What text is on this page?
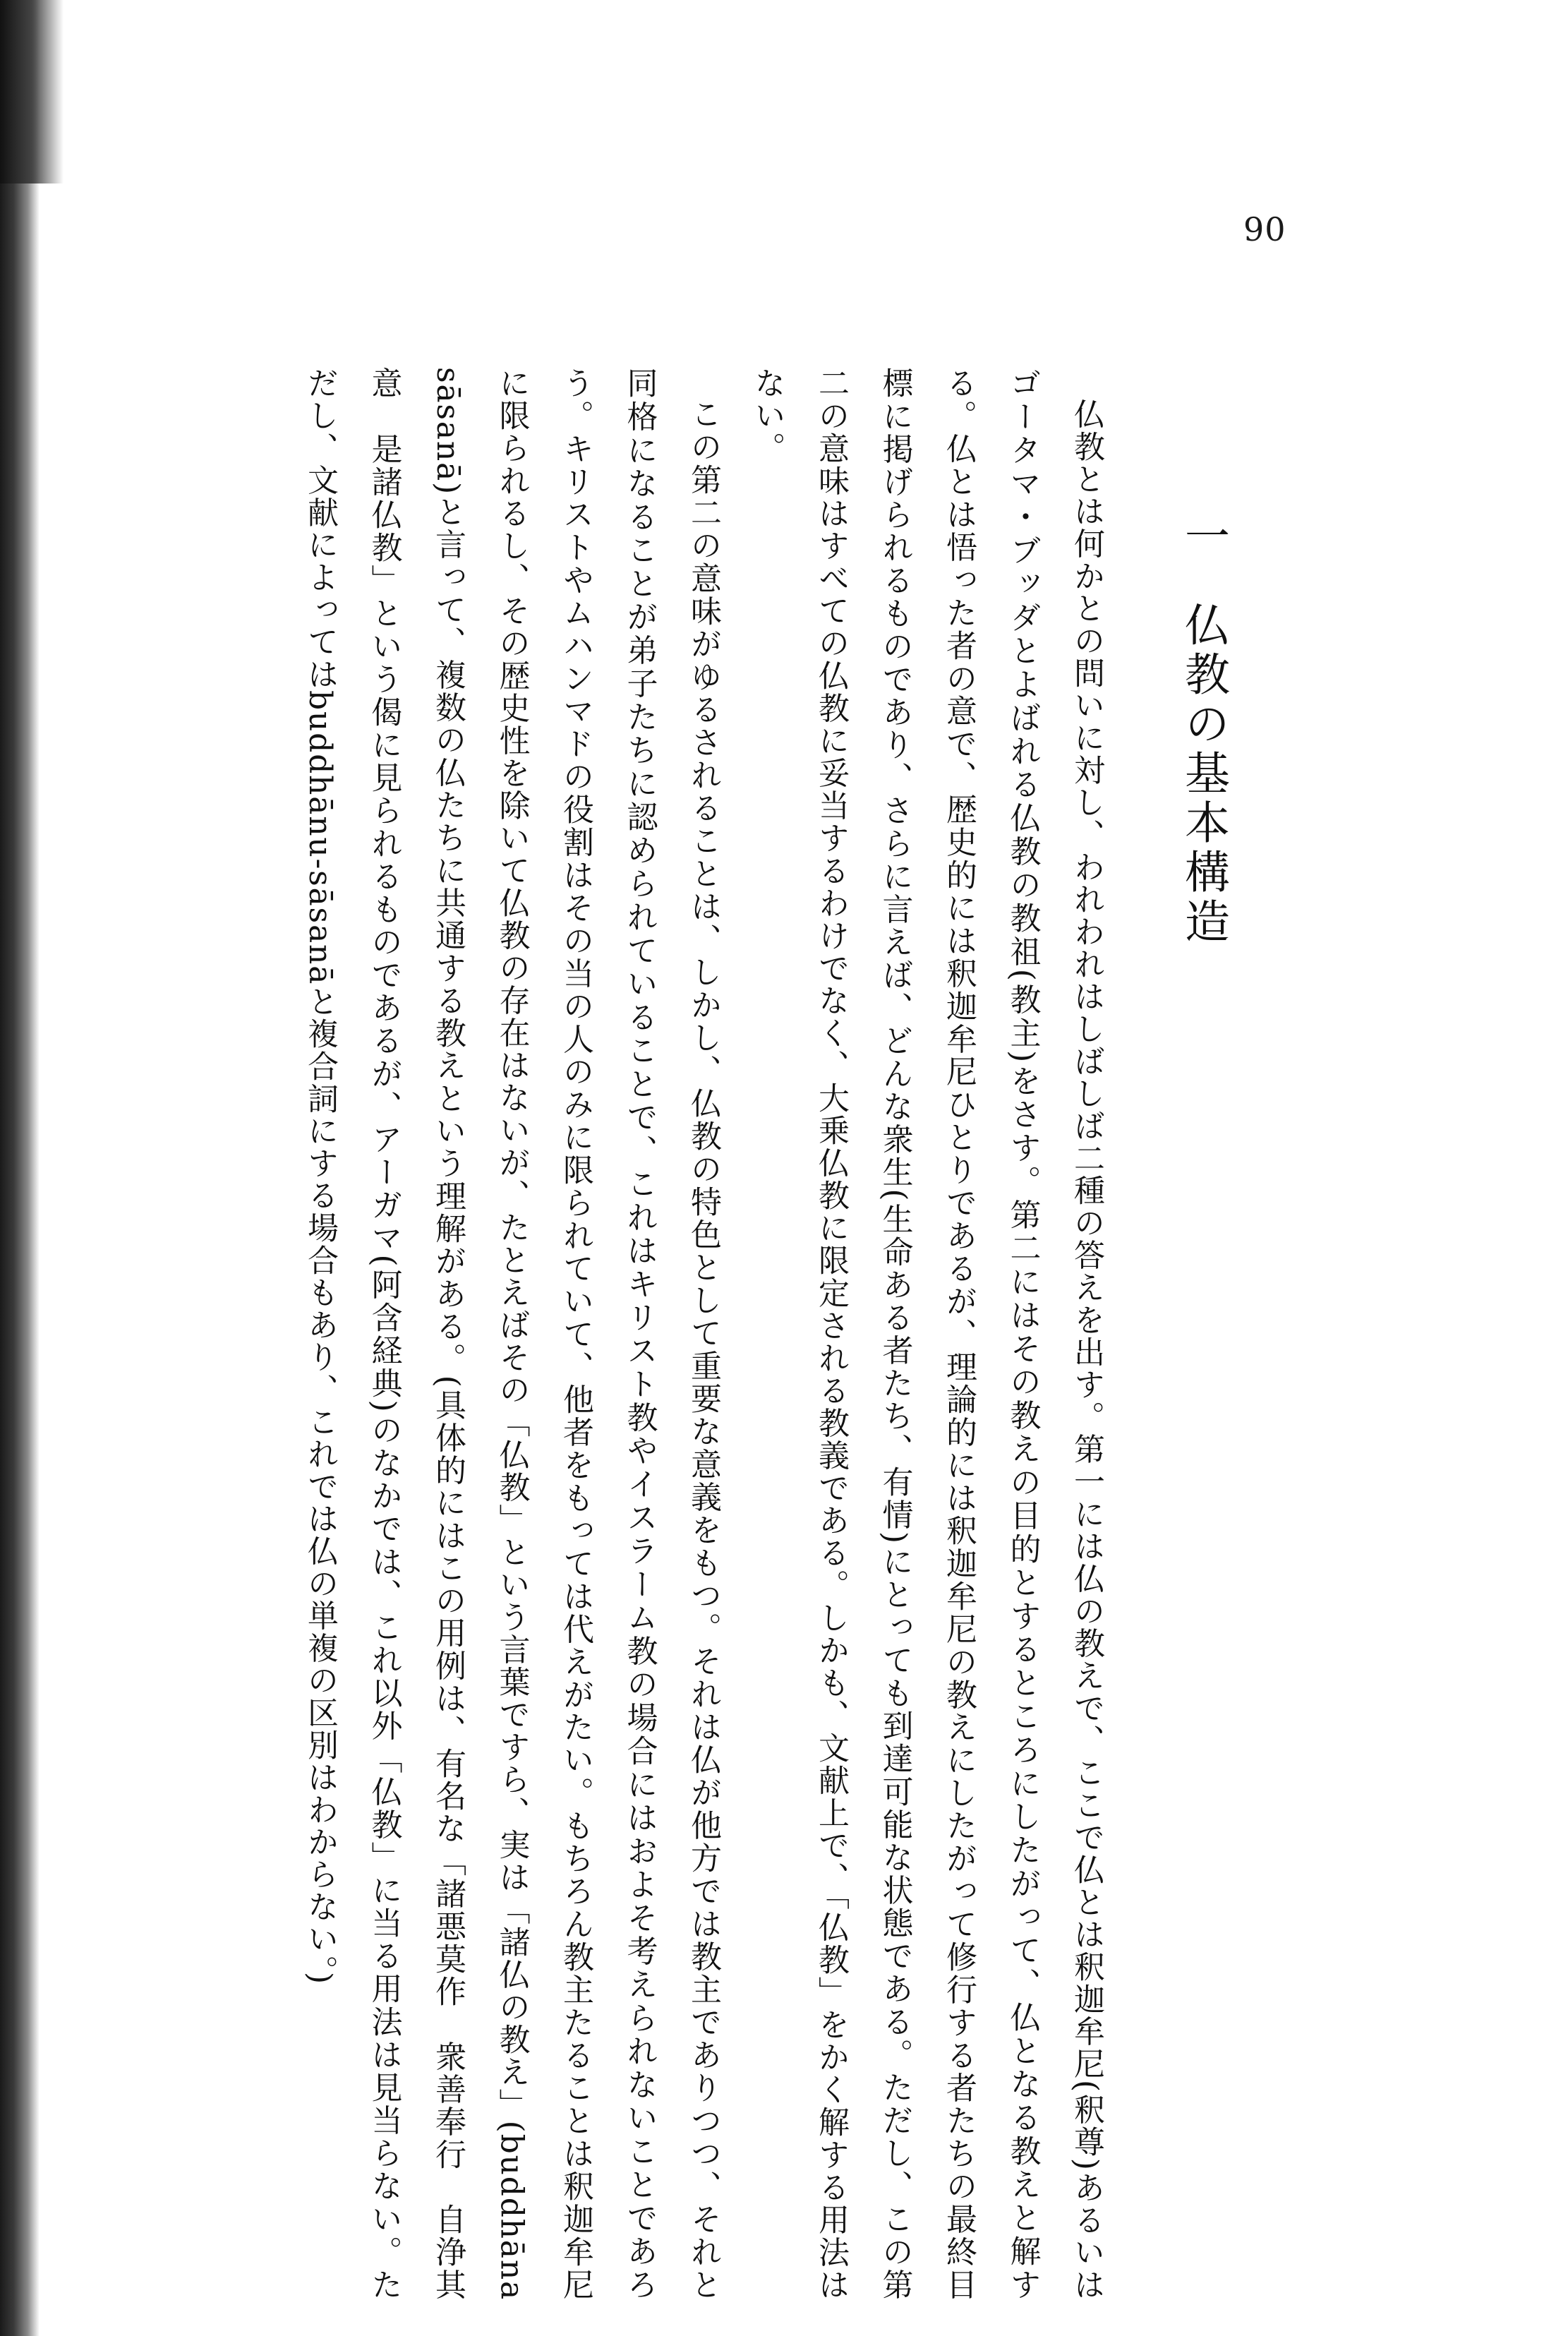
90
一仏教の基本構造

仏教とは何かとの問いに対し、われわれはしばしば二種の答えを出す。第一には仏の教えで、ここで仏とは釈迦牟尼(釈尊)あるいはゴータマ・ブッダとよばれる仏教の教祖(教主)をさす。第二にはその教えの目的とするところにしたがって、仏となる教えと解する。仏とは悟った者の意で、歴史的には釈迦牟尼ひとりであるが、理論的には釈迦牟尼の教えにしたがって修行する者たちの最終目標に掲げられるものであり、さらに言えば、どんな衆生(生命ある者たち、有情)にとっても到達可能な状態である。ただし、この第二の意味はすべての仏教に妥当するわけでなく、大乗仏教に限定される教義である。しかも、文献上で、「仏教」をかく解する用法はない。

この第二の意味がゆるされることは、しかし、仏教の特色として重要な意義をもつ。それは仏が他方では教主でありつつ、それと同格になることが弟子たちに認められていることで、これはキリスト教やイスラーム教の場合にはおよそ考えられないことであろう。キリストやムハンマドの役割はその当の人のみに限られていて、他者をもっては代えがたい。もちろん教主たることは釈迦牟尼に限られるし、その歴史性を除いて仏教の存在はないが、たとえばその「仏教」という言葉ですら、実は「諸仏の教え」(buddhāna sāsanā)と言って、複数の仏たちに共通する教えという理解がある。(具体的にはこの用例は、有名な「諸悪莫作　衆善奉行　自浄其意　是諸仏教」という偈に見られるものであるが、アーガマ(阿含経典)のなかでは、これ以外「仏教」に当る用法は見当らない。ただし、文献によってはbuddhānu-sāsanāと複合詞にする場合もあり、これでは仏の単複の区別はわからない。)
